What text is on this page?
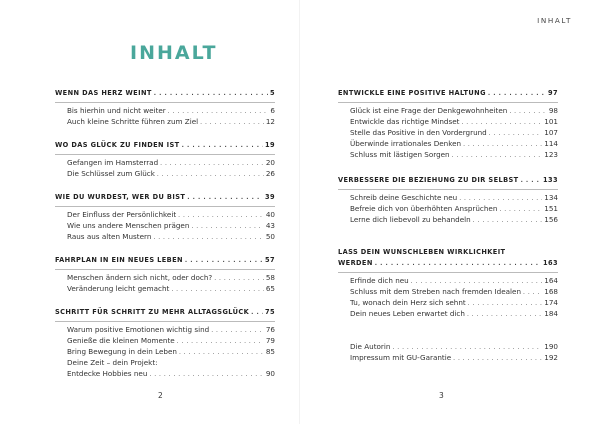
INHALT
WENN DAS HERZ WEINT . . .	5
Bis hierhin und nicht weiter . . .	6
Auch kleine Schritte führen zum Ziel . . .	12
WO DAS GLÜCK ZU FINDEN IST . . .	19
Gefangen im Hamsterrad . . .	20
Die Schlüssel zum Glück . . .	26
WIE DU WURDEST, WER DU BIST . . .	39
Der Einfluss der Persönlichkeit . . .	40
Wie uns andere Menschen prägen . . .	43
Raus aus alten Mustern . . .	50
FAHRPLAN IN EIN NEUES LEBEN . . .	57
Menschen ändern sich nicht, oder doch? . . .	58
Veränderung leicht gemacht . . .	65
SCHRITT FÜR SCHRITT ZU MEHR ALLTAGSGLÜCK . . . 75
Warum positive Emotionen wichtig sind . . .	76
Genieße die kleinen Momente . . .	79
Bring Bewegung in dein Leben . . .	85
Deine Zeit – dein Projekt:
Entdecke Hobbies neu . . .	90
2
INHALT
ENTWICKLE EINE POSITIVE HALTUNG . . .	97
Glück ist eine Frage der Denkgewohnheiten . . .	98
Entwickle das richtige Mindset . . .	101
Stelle das Positive in den Vordergrund . . .	107
Überwinde irrationales Denken . . .	114
Schluss mit lästigen Sorgen . . .	123
VERBESSERE DIE BEZIEHUNG ZU DIR SELBST . . .	133
Schreib deine Geschichte neu . . .	134
Befreie dich von überhöhten Ansprüchen . . .	151
Lerne dich liebevoll zu behandeln . . .	156
LASS DEIN WUNSCHLEBEN WIRKLICHKEIT
WERDEN . . .	163
Erfinde dich neu . . .	164
Schluss mit dem Streben nach fremden Idealen . . .	168
Tu, wonach dein Herz sich sehnt . . .	174
Dein neues Leben erwartet dich . . .	184
Die Autorin . . .	190
Impressum mit GU-Garantie . . .	192
3
